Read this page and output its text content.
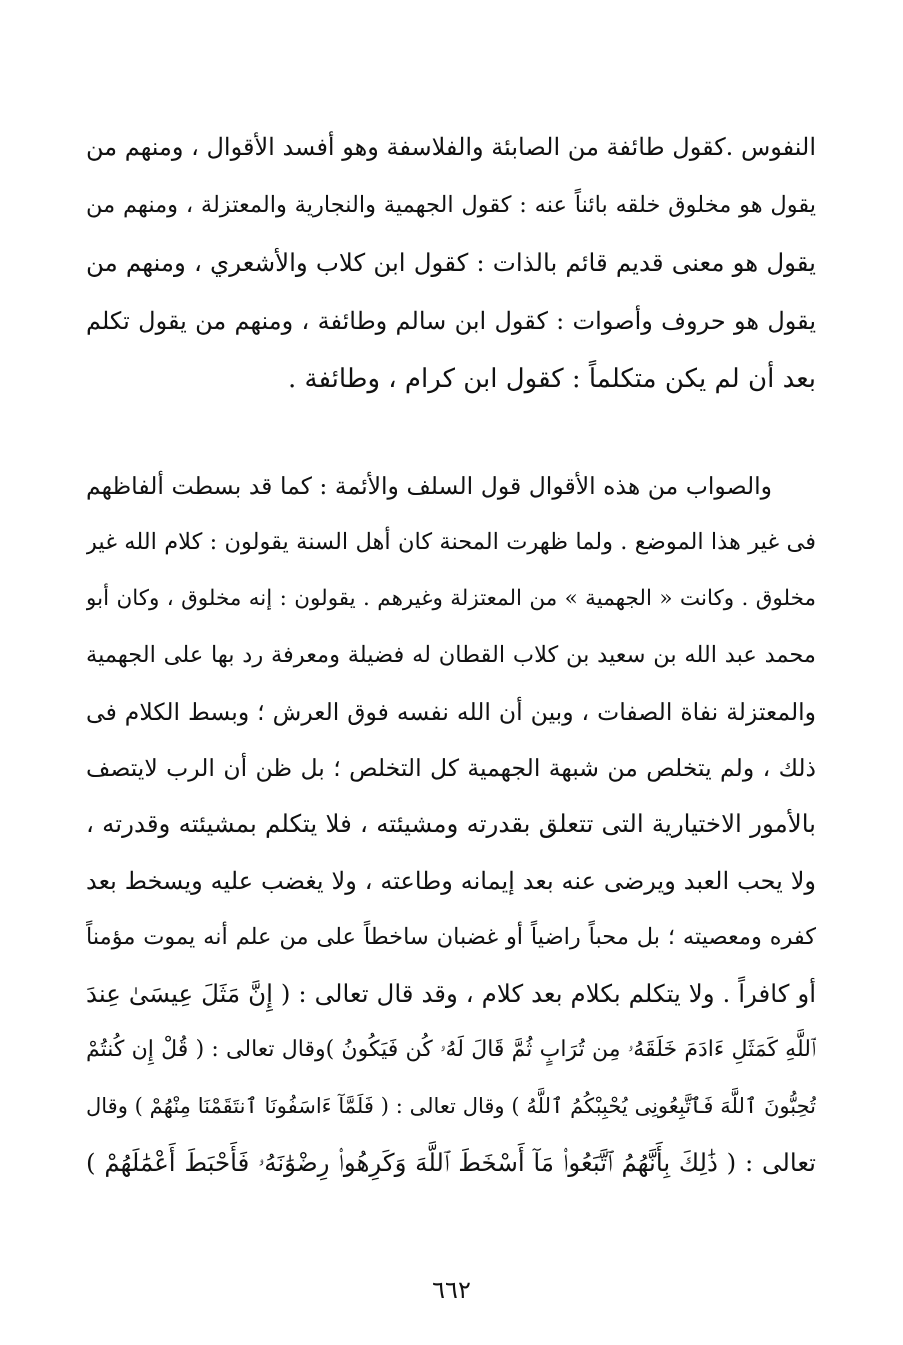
النفوس .كقول طائفة من الصابئة والفلاسفة وهو أفسد الأقوال ، ومنهم من
يقول هو مخلوق خلقه بائناً عنه : كقول الجهمية والنجارية والمعتزلة ، ومنهم من
يقول هو معنى قديم قائم بالذات : كقول ابن كلاب والأشعري ، ومنهم من
يقول هو حروف وأصوات : كقول ابن سالم وطائفة ، ومنهم من يقول تكلم
بعد أن لم يكن متكلماً : كقول ابن كرام ، وطائفة .
والصواب من هذه الأقوال قول السلف والأئمة : كما قد بسطت ألفاظهم
فى غير هذا الموضع . ولما ظهرت المحنة كان أهل السنة يقولون : كلام الله غير
مخلوق . وكانت « الجهمية » من المعتزلة وغيرهم . يقولون : إنه مخلوق ، وكان أبو
محمد عبد الله بن سعيد بن كلاب القطان له فضيلة ومعرفة رد بها على الجهمية
والمعتزلة نفاة الصفات ، وبين أن الله نفسه فوق العرش ؛ وبسط الكلام فى
ذلك ، ولم يتخلص من شبهة الجهمية كل التخلص ؛ بل ظن أن الرب لايتصف
بالأمور الاختيارية التى تتعلق بقدرته ومشيئته ، فلا يتكلم بمشيئته وقدرته ،
ولا يحب العبد ويرضى عنه بعد إيمانه وطاعته ، ولا يغضب عليه ويسخط بعد
كفره ومعصيته ؛ بل محباً راضياً أو غضبان ساخطاً على من علم أنه يموت مؤمناً
أو كافراً . ولا يتكلم بكلام بعد كلام ، وقد قال تعالى : ( إِنَّ مَثَلَ عِيسَىٰ عِندَ
ٱللَّهِ كَمَثَلِ ءَادَمَ خَلَقَهُۥ مِن تُرَابٍ ثُمَّ قَالَ لَهُۥ كُن فَيَكُونُ )وقال تعالى : ( قُلْ إِن كُنتُمْ
تُحِبُّونَ ٱللَّهَ فَٱتَّبِعُونِى يُحْبِبْكُمُ ٱللَّهُ ) وقال تعالى : ( فَلَمَّآ ءَاسَفُونَا ٱنتَقَمْنَا مِنْهُمْ ) وقال
تعالى : ( ذَٰلِكَ بِأَنَّهُمُ ٱتَّبَعُوا۟ مَآ أَسْخَطَ ٱللَّهَ وَكَرِهُوا۟ رِضْوَٰنَهُۥ فَأَحْبَطَ أَعْمَٰلَهُمْ )
٦٦٢
